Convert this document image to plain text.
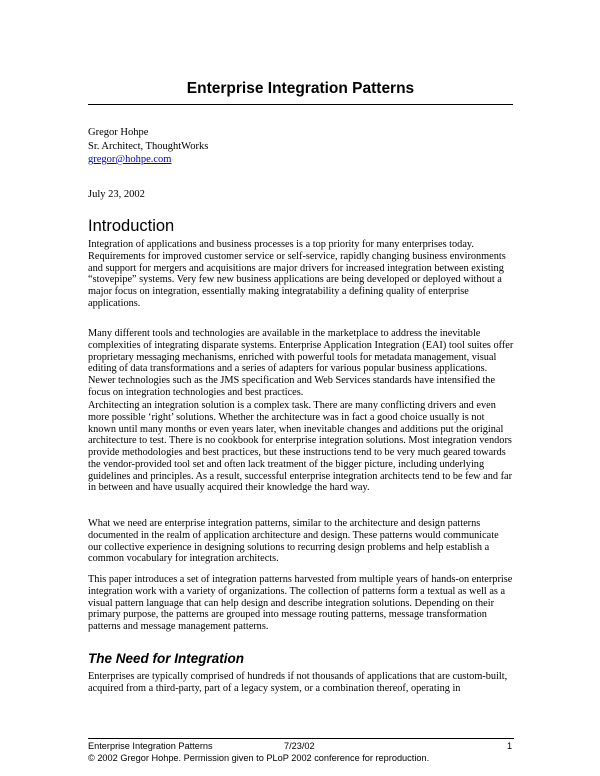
Enterprise Integration Patterns
Gregor Hohpe
Sr. Architect, ThoughtWorks
gregor@hohpe.com
July 23, 2002
Introduction

Integration of applications and business processes is a top priority for many enterprises today. Requirements for improved customer service or self-service, rapidly changing business environments and support for mergers and acquisitions are major drivers for increased integration between existing “stovepipe” systems. Very few new business applications are being developed or deployed without a major focus on integration, essentially making integratability a defining quality of enterprise applications.

Many different tools and technologies are available in the marketplace to address the inevitable complexities of integrating disparate systems. Enterprise Application Integration (EAI) tool suites offer proprietary messaging mechanisms, enriched with powerful tools for metadata management, visual editing of data transformations and a series of adapters for various popular business applications. Newer technologies such as the JMS specification and Web Services standards have intensified the focus on integration technologies and best practices.

Architecting an integration solution is a complex task. There are many conflicting drivers and even more possible ‘right’ solutions. Whether the architecture was in fact a good choice usually is not known until many months or even years later, when inevitable changes and additions put the original architecture to test. There is no cookbook for enterprise integration solutions. Most integration vendors provide methodologies and best practices, but these instructions tend to be very much geared towards the vendor-provided tool set and often lack treatment of the bigger picture, including underlying guidelines and principles. As a result, successful enterprise integration architects tend to be few and far in between and have usually acquired their knowledge the hard way.

What we need are enterprise integration patterns, similar to the architecture and design patterns documented in the realm of application architecture and design. These patterns would communicate our collective experience in designing solutions to recurring design problems and help establish a common vocabulary for integration architects.

This paper introduces a set of integration patterns harvested from multiple years of hands-on enterprise integration work with a variety of organizations. The collection of patterns form a textual as well as a visual pattern language that can help design and describe integration solutions. Depending on their primary purpose, the patterns are grouped into message routing patterns, message transformation patterns and message management patterns.

The Need for Integration

Enterprises are typically comprised of hundreds if not thousands of applications that are custom-built, acquired from a third-party, part of a legacy system, or a combination thereof, operating in

Enterprise Integration Patterns	7/23/02	1
© 2002 Gregor Hohpe. Permission given to PLoP 2002 conference for reproduction.
